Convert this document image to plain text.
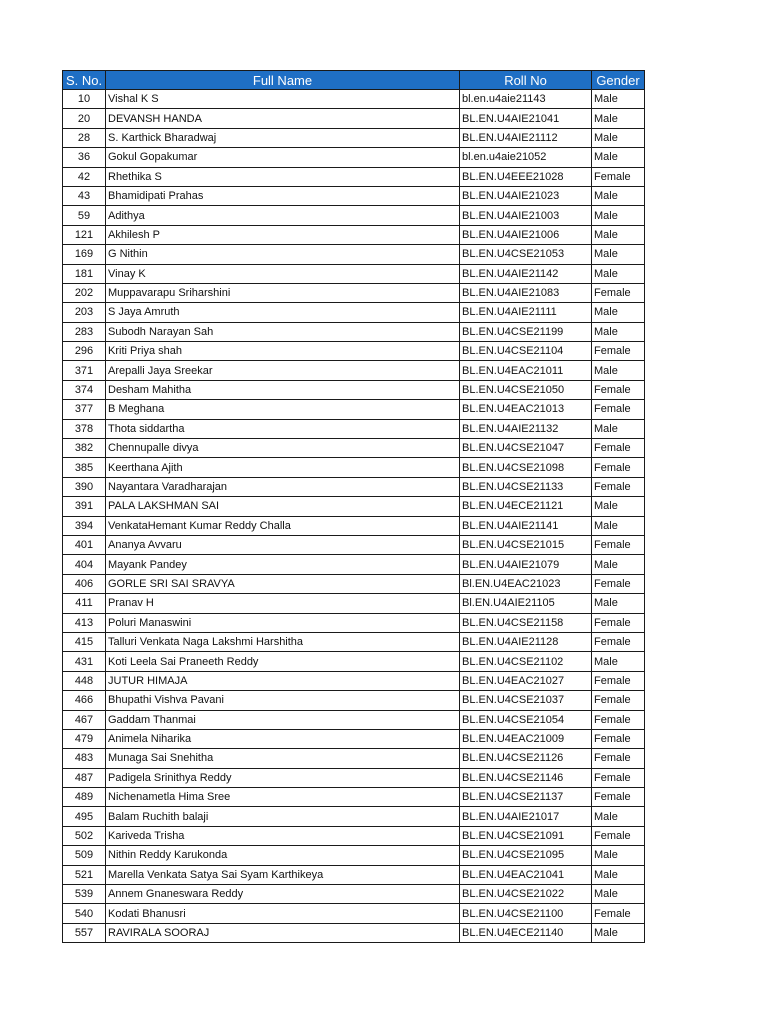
S. No.	Full Name	Roll No	Gender
10	Vishal K S	bl.en.u4aie21143	Male
20	DEVANSH HANDA	BL.EN.U4AIE21041	Male
28	S. Karthick Bharadwaj	BL.EN.U4AIE21112	Male
36	Gokul Gopakumar	bl.en.u4aie21052	Male
42	Rhethika S	BL.EN.U4EEE21028	Female
43	Bhamidipati Prahas	BL.EN.U4AIE21023	Male
59	Adithya	BL.EN.U4AIE21003	Male
121	Akhilesh P	BL.EN.U4AIE21006	Male
169	G Nithin	BL.EN.U4CSE21053	Male
181	Vinay K	BL.EN.U4AIE21142	Male
202	Muppavarapu Sriharshini	BL.EN.U4AIE21083	Female
203	S Jaya Amruth	BL.EN.U4AIE21111	Male
283	Subodh Narayan Sah	BL.EN.U4CSE21199	Male
296	Kriti Priya shah	BL.EN.U4CSE21104	Female
371	Arepalli Jaya Sreekar	BL.EN.U4EAC21011	Male
374	Desham Mahitha	BL.EN.U4CSE21050	Female
377	B Meghana	BL.EN.U4EAC21013	Female
378	Thota siddartha	BL.EN.U4AIE21132	Male
382	Chennupalle divya	BL.EN.U4CSE21047	Female
385	Keerthana Ajith	BL.EN.U4CSE21098	Female
390	Nayantara Varadharajan	BL.EN.U4CSE21133	Female
391	PALA LAKSHMAN SAI	BL.EN.U4ECE21121	Male
394	VenkataHemant Kumar Reddy Challa	BL.EN.U4AIE21141	Male
401	Ananya Avvaru	BL.EN.U4CSE21015	Female
404	Mayank Pandey	BL.EN.U4AIE21079	Male
406	GORLE SRI SAI SRAVYA	Bl.EN.U4EAC21023	Female
411	Pranav H	Bl.EN.U4AIE21105	Male
413	Poluri Manaswini	BL.EN.U4CSE21158	Female
415	Talluri Venkata Naga Lakshmi Harshitha	BL.EN.U4AIE21128	Female
431	Koti Leela Sai Praneeth Reddy	BL.EN.U4CSE21102	Male
448	JUTUR HIMAJA	BL.EN.U4EAC21027	Female
466	Bhupathi Vishva Pavani	BL.EN.U4CSE21037	Female
467	Gaddam Thanmai	BL.EN.U4CSE21054	Female
479	Animela Niharika	BL.EN.U4EAC21009	Female
483	Munaga Sai Snehitha	BL.EN.U4CSE21126	Female
487	Padigela Srinithya Reddy	BL.EN.U4CSE21146	Female
489	Nichenametla Hima Sree	BL.EN.U4CSE21137	Female
495	Balam Ruchith balaji	BL.EN.U4AIE21017	Male
502	Kariveda Trisha	BL.EN.U4CSE21091	Female
509	Nithin Reddy Karukonda	BL.EN.U4CSE21095	Male
521	Marella Venkata Satya Sai Syam Karthikeya	BL.EN.U4EAC21041	Male
539	Annem Gnaneswara Reddy	BL.EN.U4CSE21022	Male
540	Kodati Bhanusri	BL.EN.U4CSE21100	Female
557	RAVIRALA SOORAJ	BL.EN.U4ECE21140	Male
